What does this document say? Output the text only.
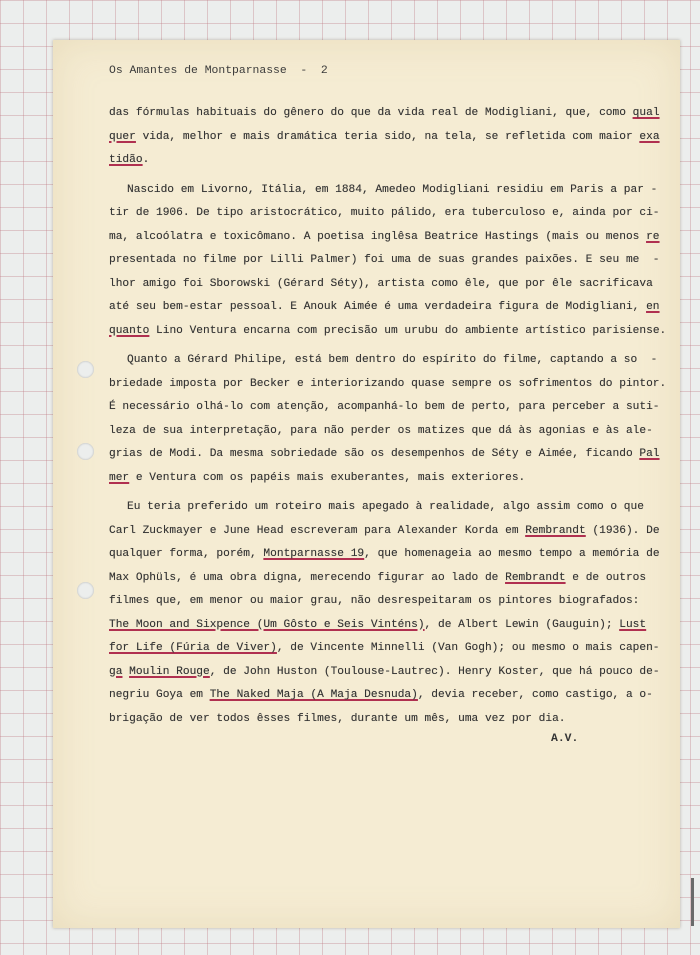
Os Amantes de Montparnasse  -  2
das fórmulas habituais do gênero do que da vida real de Modigliani, que, como qual
quer vida, melhor e mais dramática teria sido, na tela, se refletida com maior exa
tidão.
Nascido em Livorno, Itália, em 1884, Amedeo Modigliani residiu em Paris a par -
tir de 1906. De tipo aristocrático, muito pálido, era tuberculoso e, ainda por ci-
ma, alcoólatra e toxicômano. A poetisa inglêsa Beatrice Hastings (mais ou menos re
presentada no filme por Lilli Palmer) foi uma de suas grandes paixões. E seu me  -
lhor amigo foi Sborowski (Gérard Séty), artista como êle, que por êle sacrificava
até seu bem-estar pessoal. E Anouk Aimée é uma verdadeira figura de Modigliani, en
quanto Lino Ventura encarna com precisão um urubu do ambiente artístico parisiense.
Quanto a Gérard Philipe, está bem dentro do espírito do filme, captando a so  -
briedade imposta por Becker e interiorizando quase sempre os sofrimentos do pintor.
É necessário olhá-lo com atenção, acompanhá-lo bem de perto, para perceber a suti-
leza de sua interpretação, para não perder os matizes que dá às agonias e às ale-
grias de Modi. Da mesma sobriedade são os desempenhos de Séty e Aimée, ficando Pal
mer e Ventura com os papéis mais exuberantes, mais exteriores.
Eu teria preferido um roteiro mais apegado à realidade, algo assim como o que
Carl Zuckmayer e June Head escreveram para Alexander Korda em Rembrandt (1936). De
qualquer forma, porém, Montparnasse 19, que homenageia ao mesmo tempo a memória de
Max Ophüls, é uma obra digna, merecendo figurar ao lado de Rembrandt e de outros
filmes que, em menor ou maior grau, não desrespeitaram os pintores biografados:
The Moon and Sixpence (Um Gôsto e Seis Vinténs), de Albert Lewin (Gauguin); Lust
for Life (Fúria de Viver), de Vincente Minnelli (Van Gogh); ou mesmo o mais capen-
ga Moulin Rouge, de John Huston (Toulouse-Lautrec). Henry Koster, que há pouco de-
negriu Goya em The Naked Maja (A Maja Desnuda), devia receber, como castigo, a o-
brigação de ver todos êsses filmes, durante um mês, uma vez por dia.
A.V.
